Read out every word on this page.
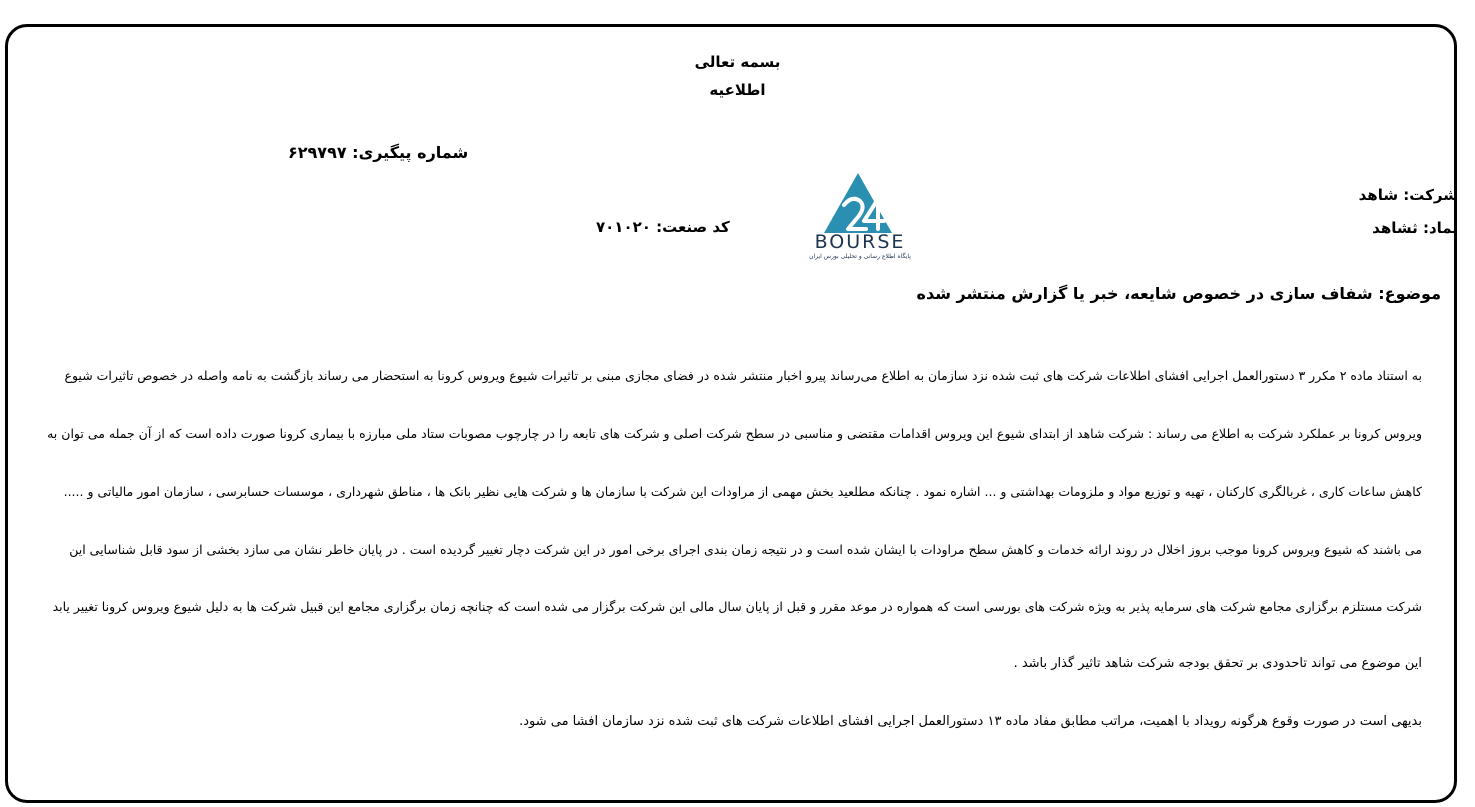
بسمه تعالی
اطلاعیه
شماره پیگیری: ۶۲۹۷۹۷
شرکت: شاهد
نماد: ثشاهد
کد صنعت: ۷۰۱۰۲۰
BOURSE
پایگاه اطلاع رسانی و تحلیلی بورس ایران
موضوع: شفاف سازی در خصوص شایعه، خبر یا گزارش منتشر شده
به استناد ماده ۲ مکرر ۳ دستورالعمل اجرایی افشای اطلاعات شرکت های ثبت شده نزد سازمان به اطلاع می‌رساند پیرو اخبار منتشر شده در فضای مجازی مبنی بر تاثیرات شیوع ویروس کرونا به استحضار می رساند بازگشت به نامه واصله در خصوص تاثیرات شیوع
ویروس کرونا بر عملکرد شرکت به اطلاع می رساند : شرکت شاهد از ابتدای شیوع این ویروس اقدامات مقتضی و مناسبی در سطح شرکت اصلی و شرکت های تابعه را در چارچوب مصوبات ستاد ملی مبارزه با بیماری کرونا صورت داده است که از آن جمله می توان به
کاهش ساعات کاری ، غربالگری کارکنان ، تهیه و توزیع مواد و ملزومات بهداشتی و ... اشاره نمود . چنانکه مطلعید بخش مهمی از مراودات این شرکت با سازمان ها و شرکت هایی نظیر بانک ها ، مناطق شهرداری ، موسسات حسابرسی ، سازمان امور مالیاتی و .....
می باشند که شیوع ویروس کرونا موجب بروز اخلال در روند ارائه خدمات و کاهش سطح مراودات با ایشان شده است و در نتیجه زمان بندی اجرای برخی امور در این شرکت دچار تغییر گردیده است . در پایان خاطر نشان می سازد بخشی از سود قابل شناسایی این
شرکت مستلزم برگزاری مجامع شرکت های سرمایه پذیر به ویژه شرکت های بورسی است که همواره در موعد مقرر و قبل از پایان سال مالی این شرکت برگزار می شده است که چنانچه زمان برگزاری مجامع این قبیل شرکت ها به دلیل شیوع ویروس کرونا تغییر یابد
این موضوع می تواند تاحدودی بر تحقق بودجه شرکت شاهد تاثیر گذار باشد .
بدیهی است در صورت وقوع هرگونه رویداد با اهمیت، مراتب مطابق مفاد ماده ۱۳ دستورالعمل اجرایی افشای اطلاعات شرکت های ثبت شده نزد سازمان افشا می شود.
